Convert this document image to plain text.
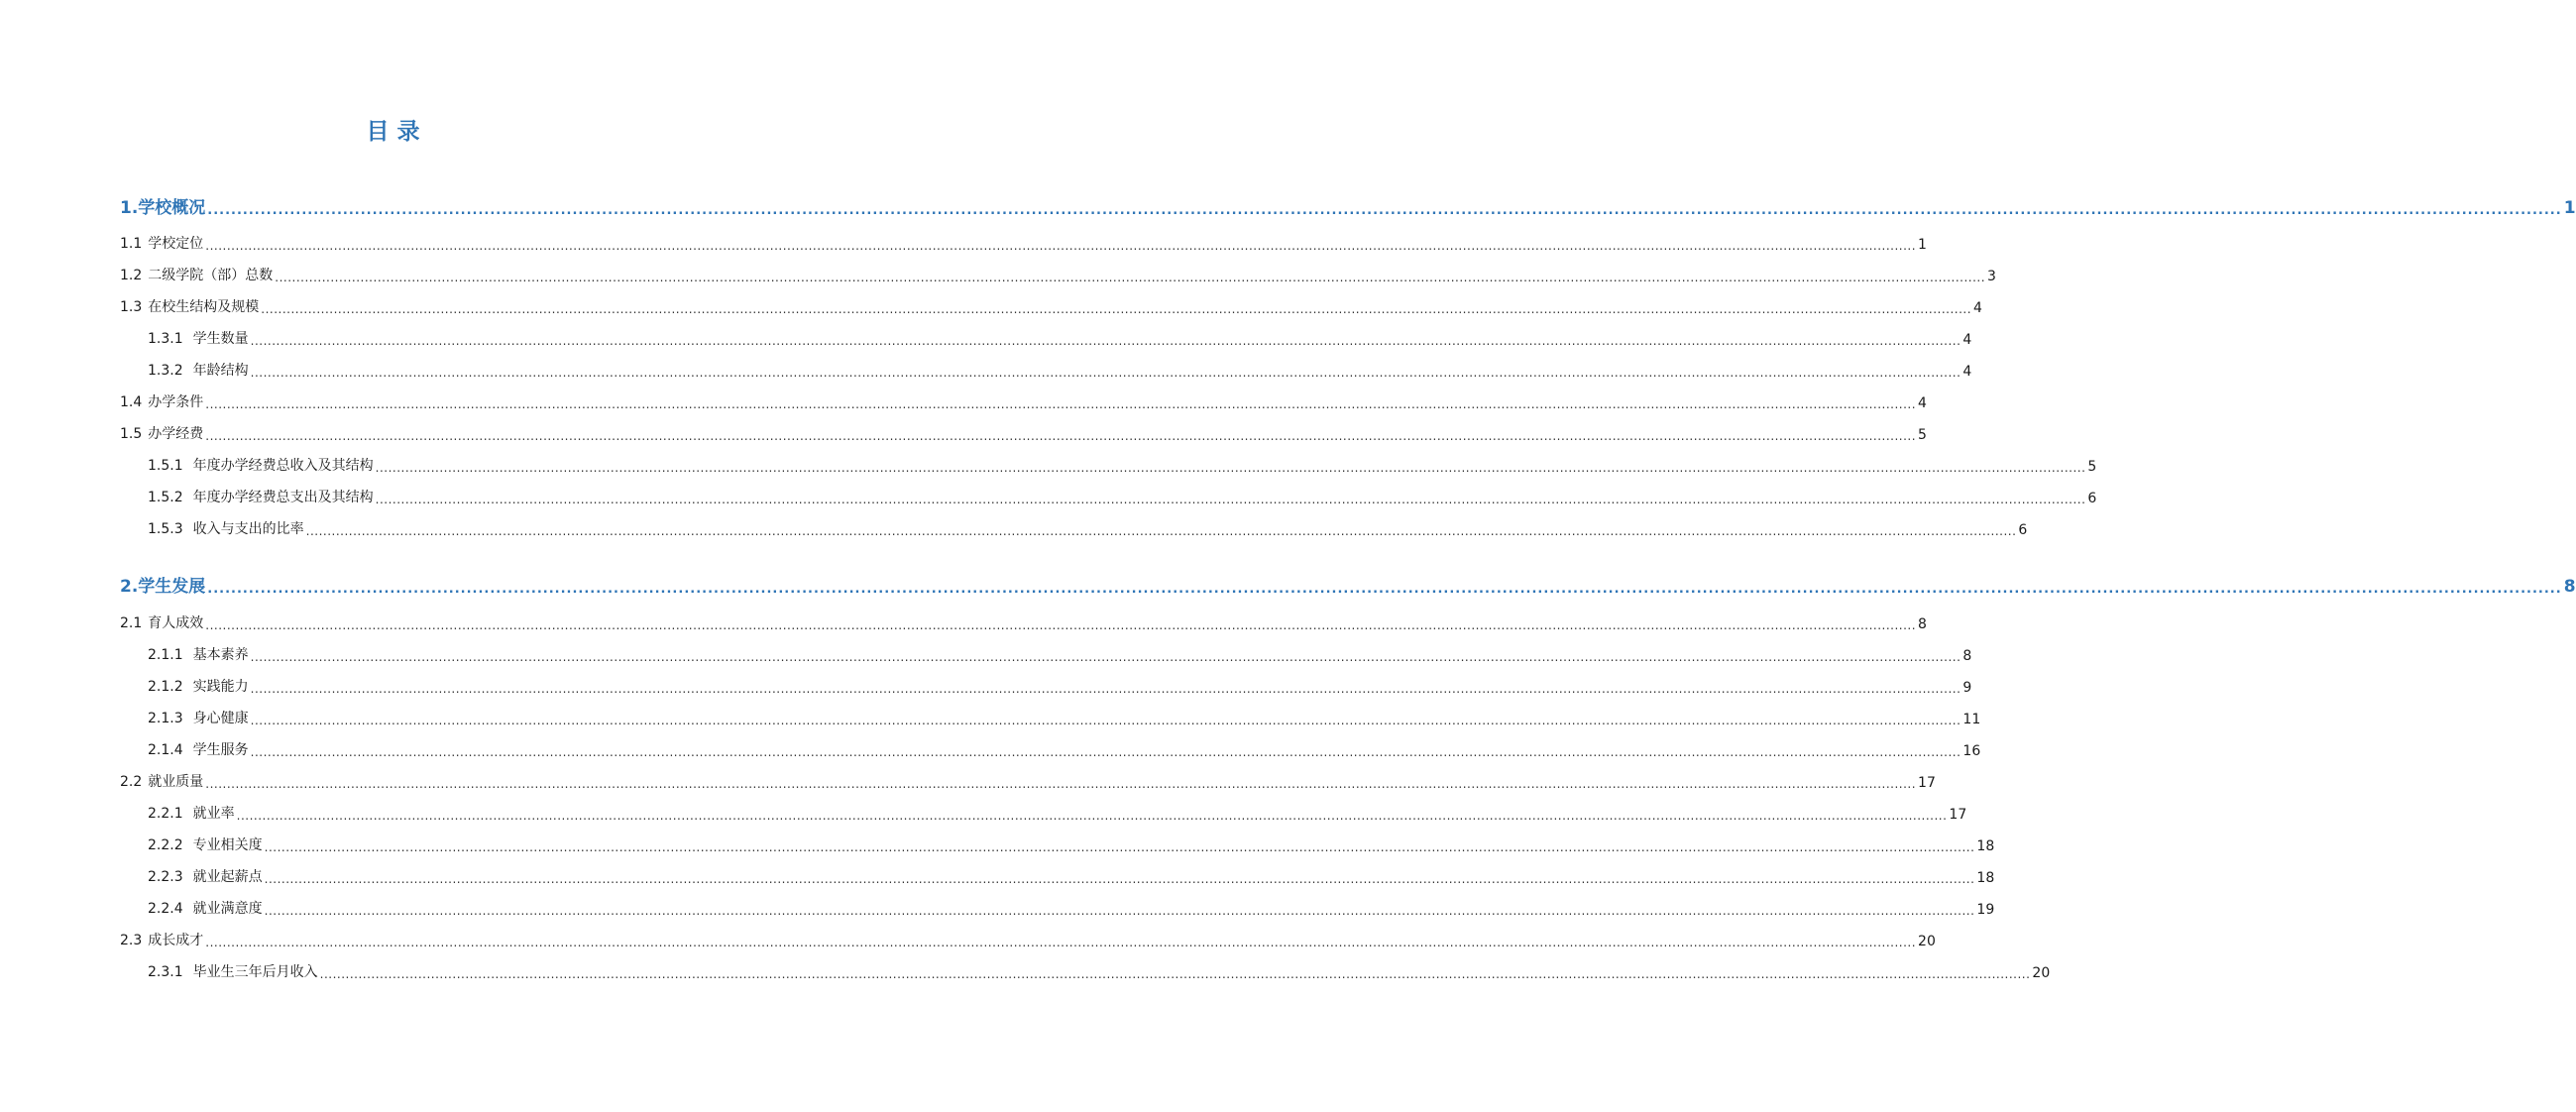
目 录
1.学校概况 ................................................................................................................................................................................................................................................................................................................................................................................................................ 1
1.1 学校定位 ................................................................................................................................................................................................................................................................................................................................................................................................................ 1
1.2 二级学院（部）总数 ................................................................................................................................................................................................................................................................................................................................................................................................................ 3
1.3 在校生结构及规模 ................................................................................................................................................................................................................................................................................................................................................................................................................ 4
1.3.1 学生数量 ................................................................................................................................................................................................................................................................................................................................................................................................................ 4
1.3.2 年龄结构 ................................................................................................................................................................................................................................................................................................................................................................................................................ 4
1.4 办学条件 ................................................................................................................................................................................................................................................................................................................................................................................................................ 4
1.5 办学经费 ................................................................................................................................................................................................................................................................................................................................................................................................................ 5
1.5.1 年度办学经费总收入及其结构 ................................................................................................................................................................................................................................................................................................................................................................................................................ 5
1.5.2 年度办学经费总支出及其结构 ................................................................................................................................................................................................................................................................................................................................................................................................................ 6
1.5.3 收入与支出的比率 ................................................................................................................................................................................................................................................................................................................................................................................................................ 6
2.学生发展 ................................................................................................................................................................................................................................................................................................................................................................................................................ 8
2.1 育人成效 ................................................................................................................................................................................................................................................................................................................................................................................................................ 8
2.1.1 基本素养 ................................................................................................................................................................................................................................................................................................................................................................................................................ 8
2.1.2 实践能力 ................................................................................................................................................................................................................................................................................................................................................................................................................ 9
2.1.3 身心健康 ................................................................................................................................................................................................................................................................................................................................................................................................................ 11
2.1.4 学生服务 ................................................................................................................................................................................................................................................................................................................................................................................................................ 16
2.2 就业质量 ................................................................................................................................................................................................................................................................................................................................................................................................................ 17
2.2.1 就业率 ................................................................................................................................................................................................................................................................................................................................................................................................................ 17
2.2.2 专业相关度 ................................................................................................................................................................................................................................................................................................................................................................................................................ 18
2.2.3 就业起薪点 ................................................................................................................................................................................................................................................................................................................................................................................................................ 18
2.2.4 就业满意度 ................................................................................................................................................................................................................................................................................................................................................................................................................ 19
2.3 成长成才 ................................................................................................................................................................................................................................................................................................................................................................................................................ 20
2.3.1 毕业生三年后月收入 ................................................................................................................................................................................................................................................................................................................................................................................................................ 20
